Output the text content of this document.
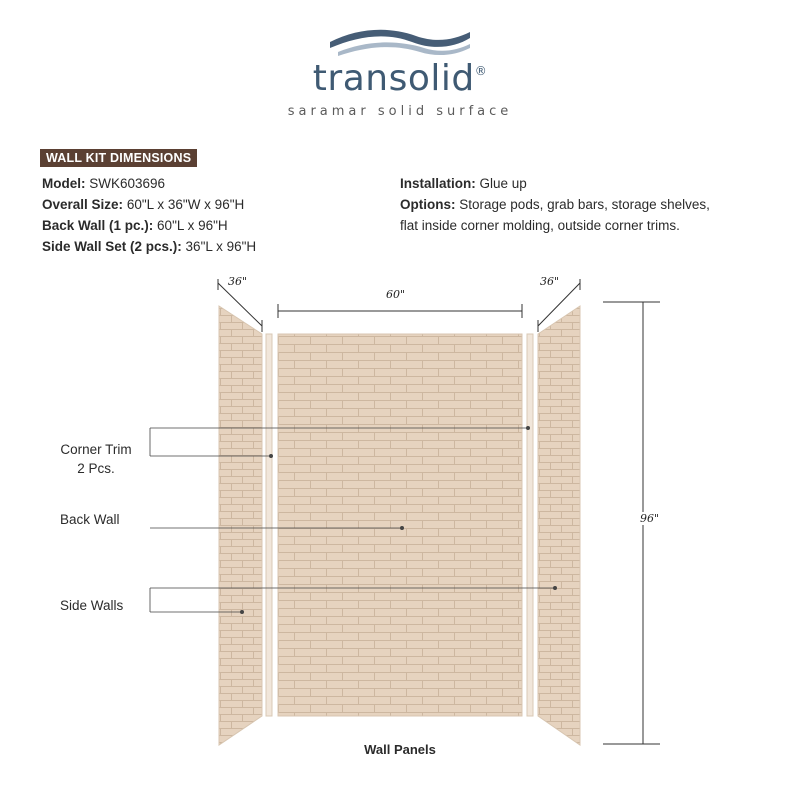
transolid®
saramar solid surface
WALL KIT DIMENSIONS
Model: SWK603696
Overall Size: 60"L x 36"W x 96"H
Back Wall (1 pc.): 60"L x 96"H
Side Wall Set (2 pcs.): 36"L x 96"H
Installation: Glue up
Options: Storage pods, grab bars, storage shelves, flat inside corner molding, outside corner trims.
36"
60"
36"
96"
Corner Trim
2 Pcs.
Back Wall
Side Walls
Wall Panels
